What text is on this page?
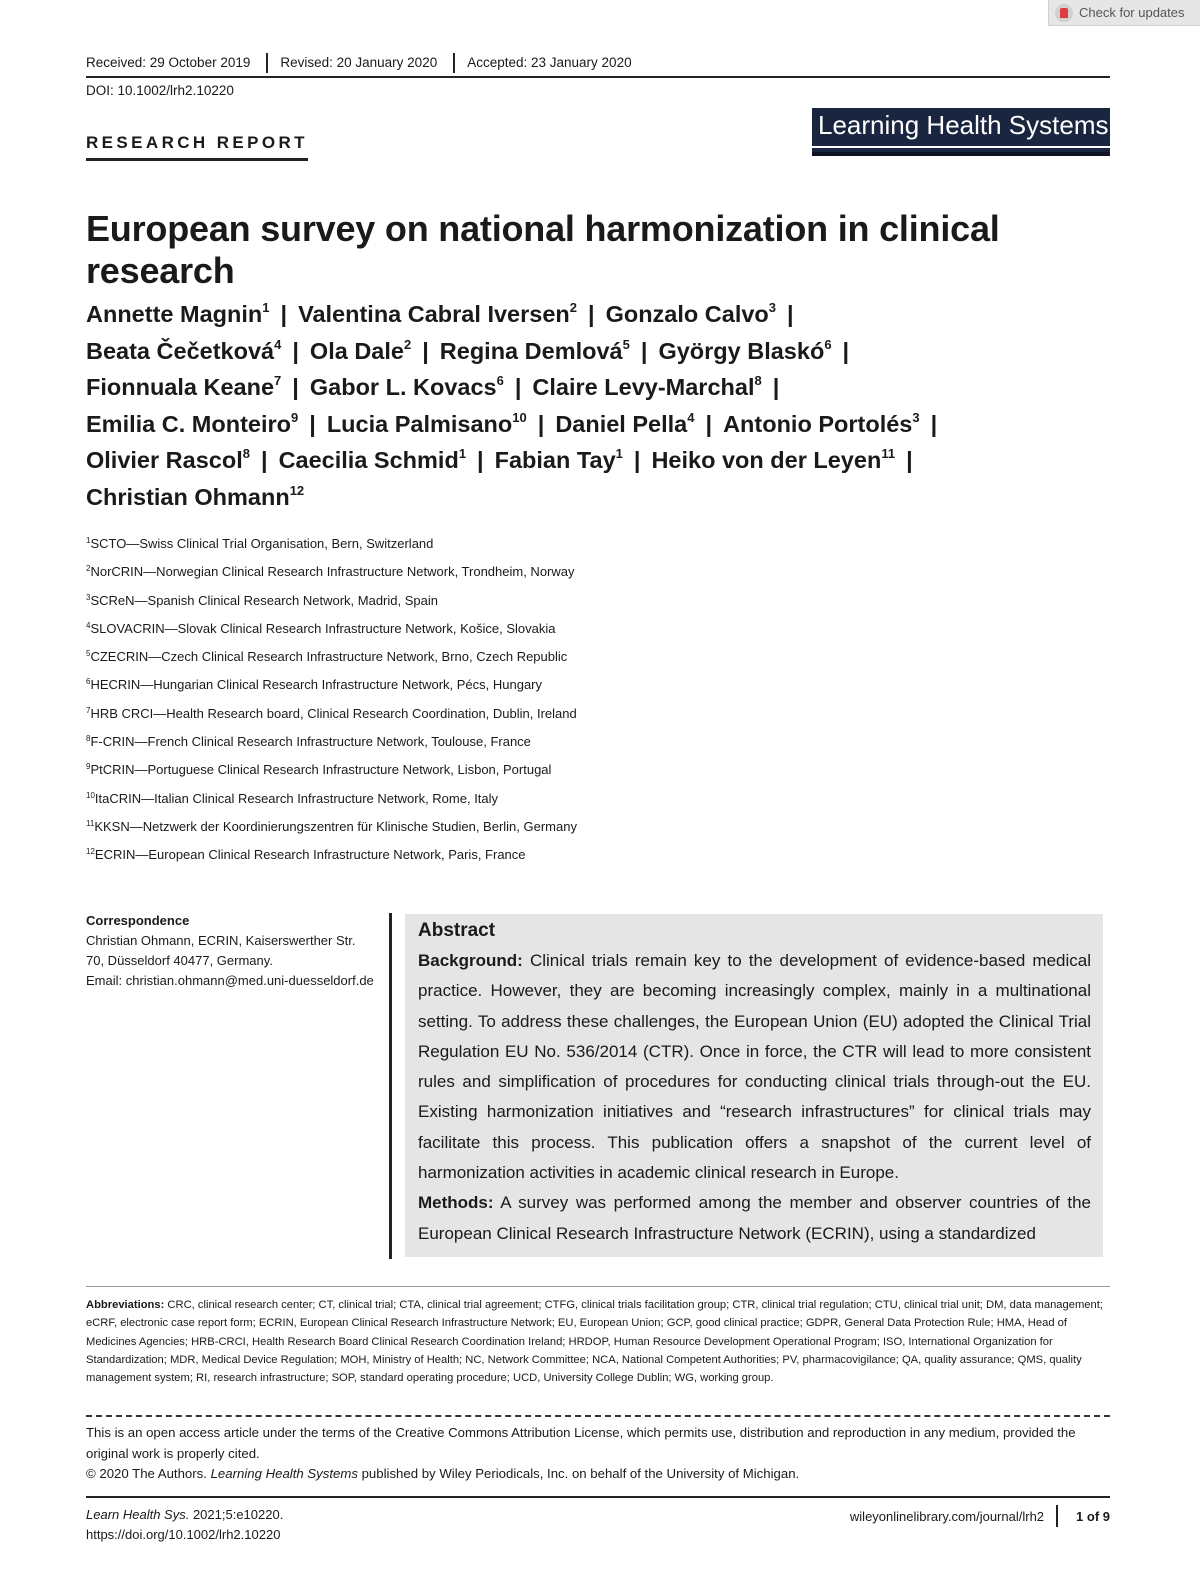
Check for updates
Received: 29 October 2019	Revised: 20 January 2020	Accepted: 23 January 2020
DOI: 10.1002/lrh2.10220
RESEARCH REPORT
Learning Health Systems
European survey on national harmonization in clinical research
Annette Magnin$^1$ | Valentina Cabral Iversen$^2$ | Gonzalo Calvo$^3$ |
Beata Čečetková$^4$ | Ola Dale$^2$ | Regina Demlová$^5$ | György Blaskó$^6$ |
Fionnuala Keane$^7$ | Gabor L. Kovacs$^6$ | Claire Levy-Marchal$^8$ |
Emilia C. Monteiro$^9$ | Lucia Palmisano$^{10}$ | Daniel Pella$^4$ | Antonio Portolés$^3$ |
Olivier Rascol$^8$ | Caecilia Schmid$^1$ | Fabian Tay$^1$ | Heiko von der Leyen$^{11}$ |
Christian Ohmann$^{12}$
$^1$SCTO—Swiss Clinical Trial Organisation, Bern, Switzerland
$^2$NorCRIN—Norwegian Clinical Research Infrastructure Network, Trondheim, Norway
$^3$SCReN—Spanish Clinical Research Network, Madrid, Spain
$^4$SLOVACRIN—Slovak Clinical Research Infrastructure Network, Košice, Slovakia
$^5$CZECRIN—Czech Clinical Research Infrastructure Network, Brno, Czech Republic
$^6$HECRIN—Hungarian Clinical Research Infrastructure Network, Pécs, Hungary
$^7$HRB CRCI—Health Research board, Clinical Research Coordination, Dublin, Ireland
$^8$F-CRIN—French Clinical Research Infrastructure Network, Toulouse, France
$^9$PtCRIN—Portuguese Clinical Research Infrastructure Network, Lisbon, Portugal
$^{10}$ItaCRIN—Italian Clinical Research Infrastructure Network, Rome, Italy
$^{11}$KKSN—Netzwerk der Koordinierungszentren für Klinische Studien, Berlin, Germany
$^{12}$ECRIN—European Clinical Research Infrastructure Network, Paris, France
Correspondence
Christian Ohmann, ECRIN, Kaiserswerther Str.
70, Düsseldorf 40477, Germany.
Email: christian.ohmann@med.uni-duesseldorf.de
Abstract

Background: Clinical trials remain key to the development of evidence-based medical practice. However, they are becoming increasingly complex, mainly in a multinational setting. To address these challenges, the European Union (EU) adopted the Clinical Trial Regulation EU No. 536/2014 (CTR). Once in force, the CTR will lead to more consistent rules and simplification of procedures for conducting clinical trials through-out the EU. Existing harmonization initiatives and “research infrastructures” for clinical trials may facilitate this process. This publication offers a snapshot of the current level of harmonization activities in academic clinical research in Europe.

Methods: A survey was performed among the member and observer countries of the European Clinical Research Infrastructure Network (ECRIN), using a standardized

Abbreviations: CRC, clinical research center; CT, clinical trial; CTA, clinical trial agreement; CTFG, clinical trials facilitation group; CTR, clinical trial regulation; CTU, clinical trial unit; DM, data management; eCRF, electronic case report form; ECRIN, European Clinical Research Infrastructure Network; EU, European Union; GCP, good clinical practice; GDPR, General Data Protection Rule; HMA, Head of Medicines Agencies; HRB-CRCI, Health Research Board Clinical Research Coordination Ireland; HRDOP, Human Resource Development Operational Program; ISO, International Organization for Standardization; MDR, Medical Device Regulation; MOH, Ministry of Health; NC, Network Committee; NCA, National Competent Authorities; PV, pharmacovigilance; QA, quality assurance; QMS, quality management system; RI, research infrastructure; SOP, standard operating procedure; UCD, University College Dublin; WG, working group.
This is an open access article under the terms of the Creative Commons Attribution License, which permits use, distribution and reproduction in any medium, provided the original work is properly cited.
© 2020 The Authors. Learning Health Systems published by Wiley Periodicals, Inc. on behalf of the University of Michigan.
Learn Health Sys. 2021;5:e10220.
https://doi.org/10.1002/lrh2.10220
wileyonlinelibrary.com/journal/lrh2 1 of 9
